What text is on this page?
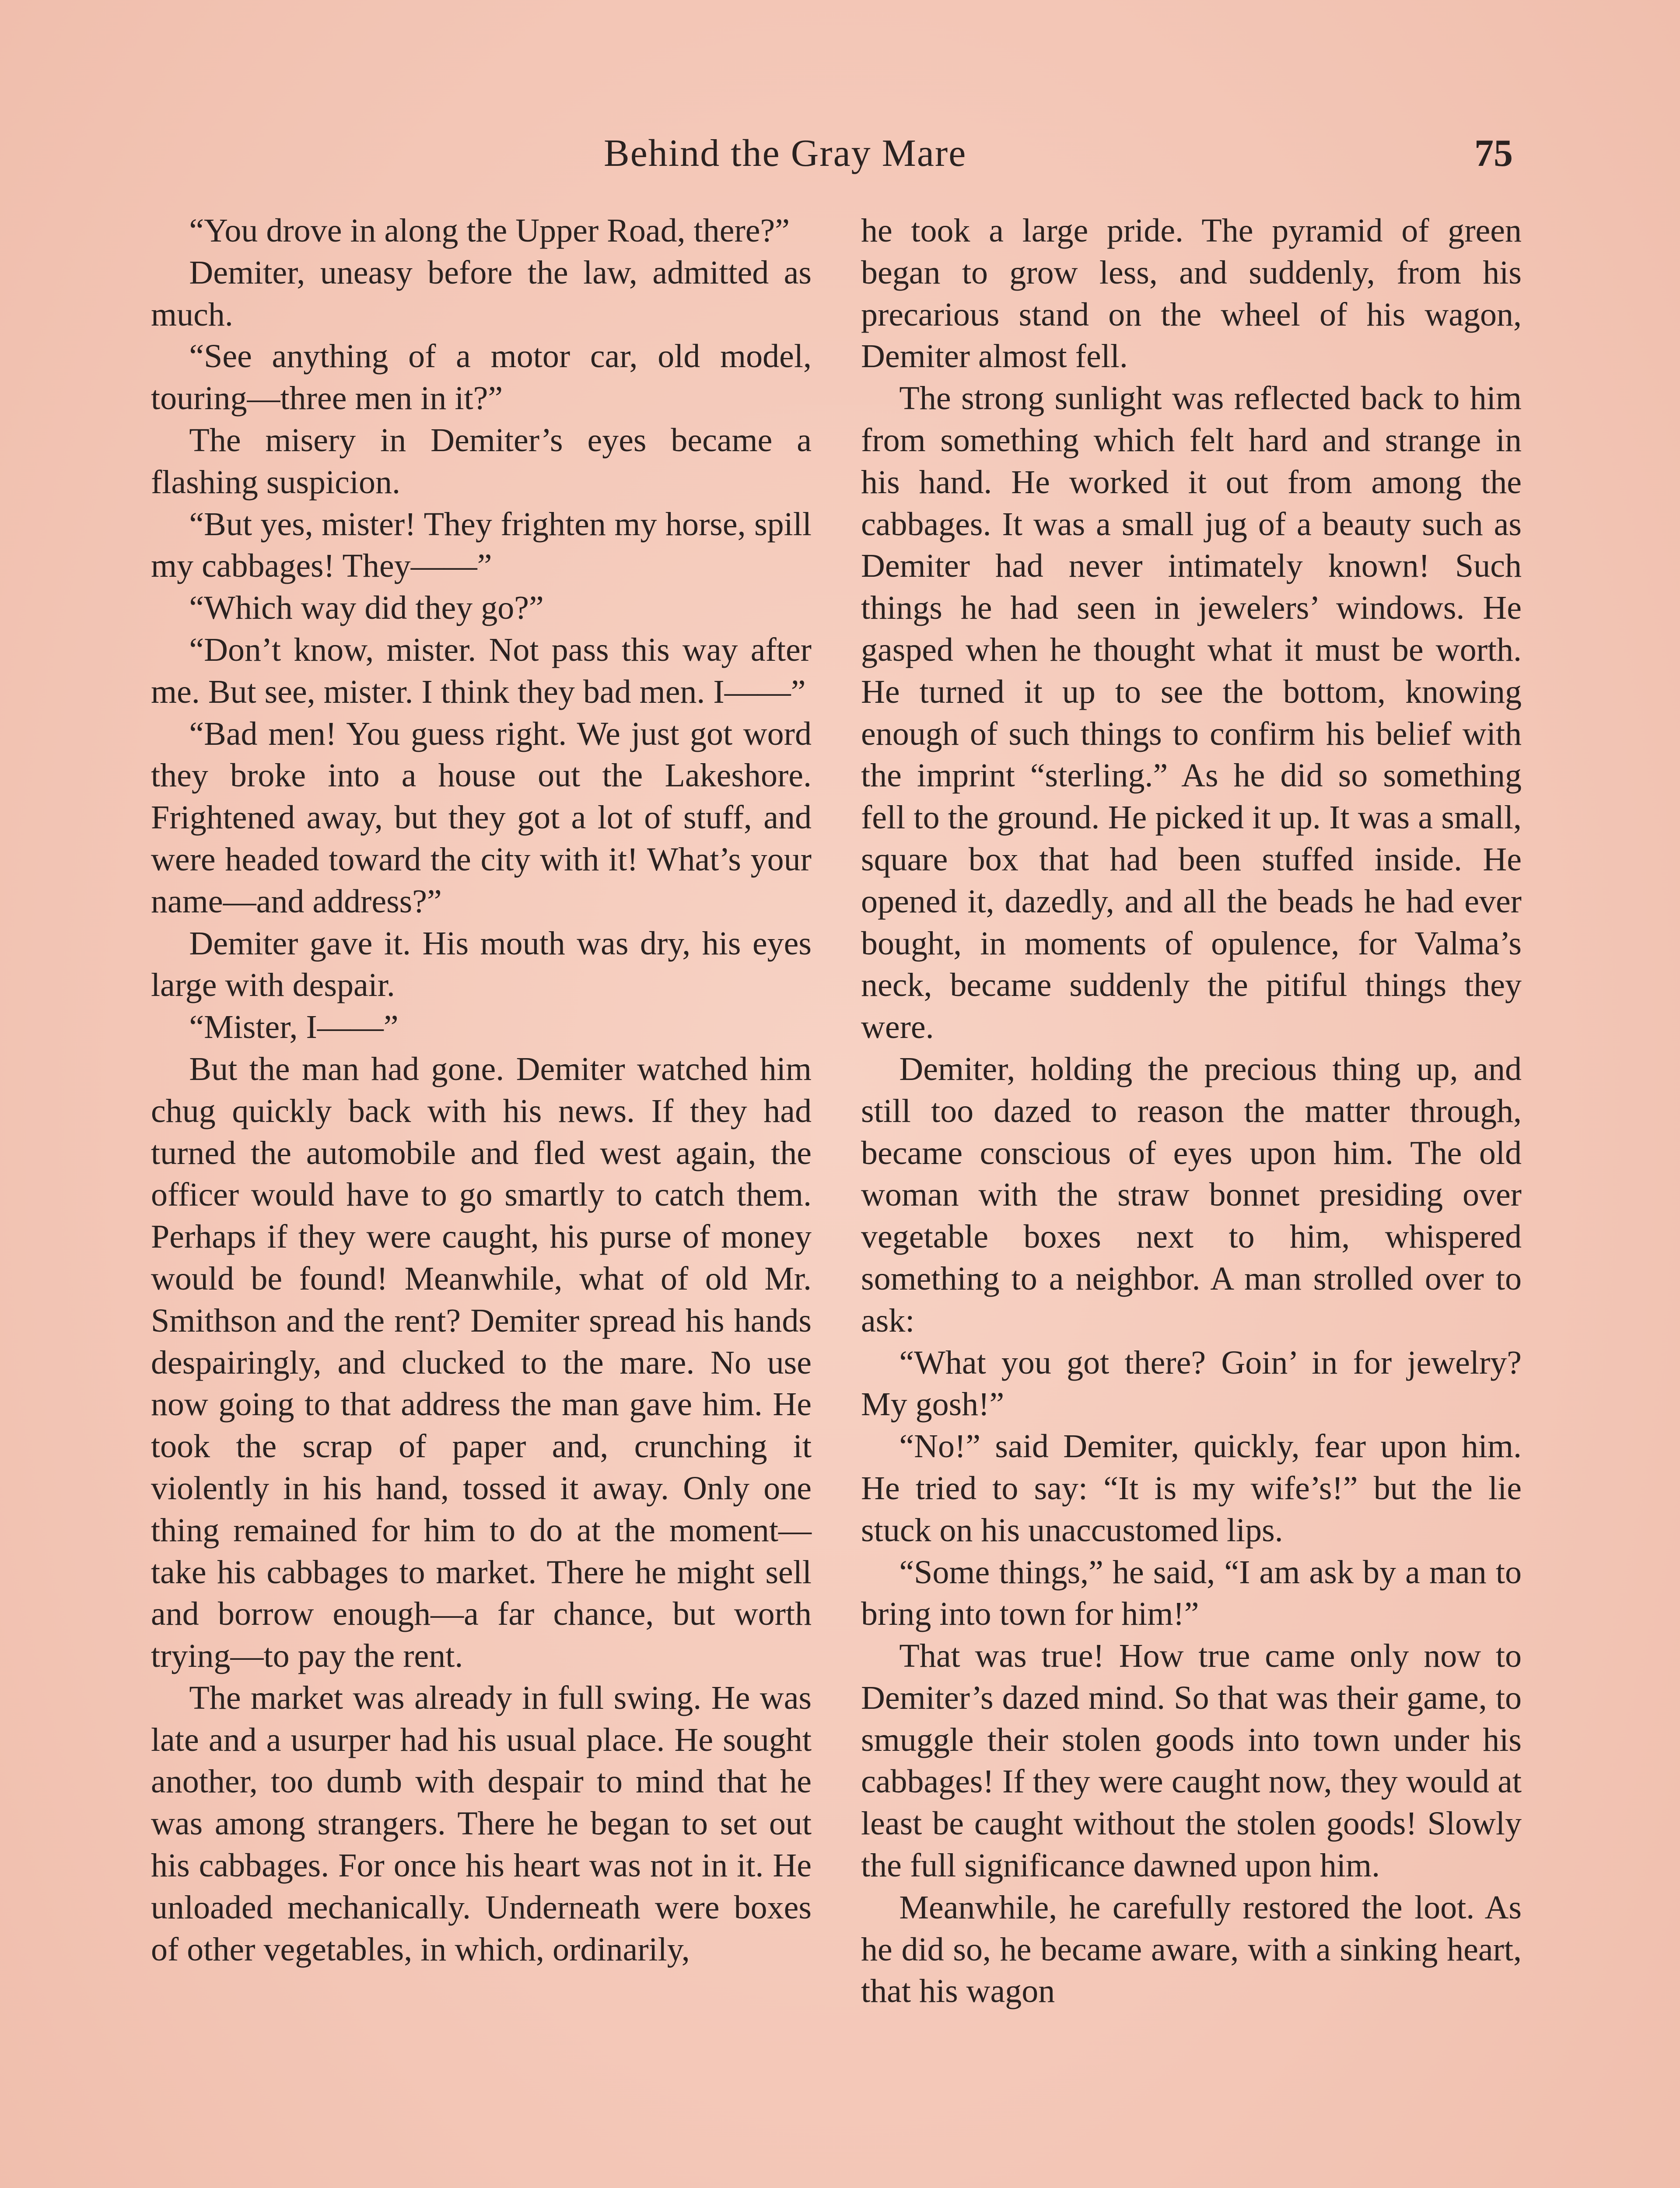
Behind the Gray Mare	75

“You drove in along the Upper Road, there?”

Demiter, uneasy before the law, admitted as much.

“See anything of a motor car, old model, touring—three men in it?”

The misery in Demiter’s eyes became a flashing suspicion.

“But yes, mister! They frighten my horse, spill my cabbages! They——”

“Which way did they go?”

“Don’t know, mister. Not pass this way after me. But see, mister. I think they bad men. I——”

“Bad men! You guess right. We just got word they broke into a house out the Lakeshore. Frightened away, but they got a lot of stuff, and were headed toward the city with it! What’s your name—and address?”

Demiter gave it. His mouth was dry, his eyes large with despair.

“Mister, I——”

But the man had gone. Demiter watched him chug quickly back with his news. If they had turned the automobile and fled west again, the officer would have to go smartly to catch them. Perhaps if they were caught, his purse of money would be found! Meanwhile, what of old Mr. Smithson and the rent? Demiter spread his hands despairingly, and clucked to the mare. No use now going to that address the man gave him. He took the scrap of paper and, crunching it violently in his hand, tossed it away. Only one thing remained for him to do at the moment—take his cabbages to market. There he might sell and borrow enough—a far chance, but worth trying—to pay the rent.

The market was already in full swing. He was late and a usurper had his usual place. He sought another, too dumb with despair to mind that he was among strangers. There he began to set out his cabbages. For once his heart was not in it. He unloaded mechanically. Underneath were boxes of other vegetables, in which, ordinarily,

he took a large pride. The pyramid of green began to grow less, and suddenly, from his precarious stand on the wheel of his wagon, Demiter almost fell.

The strong sunlight was reflected back to him from something which felt hard and strange in his hand. He worked it out from among the cabbages. It was a small jug of a beauty such as Demiter had never intimately known! Such things he had seen in jewelers’ windows. He gasped when he thought what it must be worth. He turned it up to see the bottom, knowing enough of such things to confirm his belief with the imprint “sterling.” As he did so something fell to the ground. He picked it up. It was a small, square box that had been stuffed inside. He opened it, dazedly, and all the beads he had ever bought, in moments of opulence, for Valma’s neck, became suddenly the pitiful things they were.

Demiter, holding the precious thing up, and still too dazed to reason the matter through, became conscious of eyes upon him. The old woman with the straw bonnet presiding over vegetable boxes next to him, whispered something to a neighbor. A man strolled over to ask:

“What you got there? Goin’ in for jewelry? My gosh!”

“No!” said Demiter, quickly, fear upon him. He tried to say: “It is my wife’s!” but the lie stuck on his unaccustomed lips.

“Some things,” he said, “I am ask by a man to bring into town for him!”

That was true! How true came only now to Demiter’s dazed mind. So that was their game, to smuggle their stolen goods into town under his cabbages! If they were caught now, they would at least be caught without the stolen goods! Slowly the full significance dawned upon him.

Meanwhile, he carefully restored the loot. As he did so, he became aware, with a sinking heart, that his wagon
